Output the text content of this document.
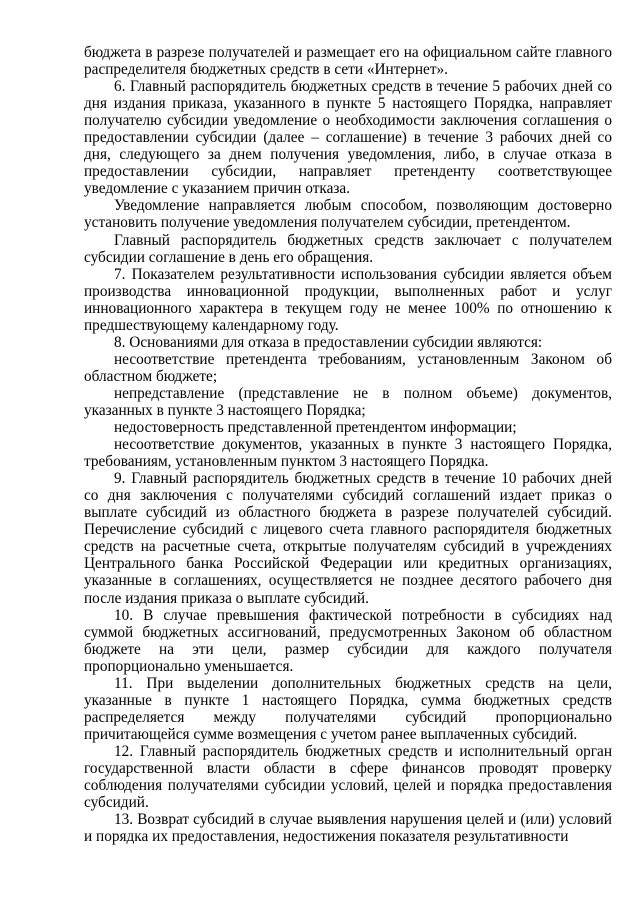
бюджета в разрезе получателей и размещает его на официальном сайте главного распределителя бюджетных средств в сети «Интернет».

6. Главный распорядитель бюджетных средств в течение 5 рабочих дней со дня издания приказа, указанного в пункте 5 настоящего Порядка, направляет получателю субсидии уведомление о необходимости заключения соглашения о предоставлении субсидии (далее – соглашение) в течение 3 рабочих дней со дня, следующего за днем получения уведомления, либо, в случае отказа в предоставлении субсидии, направляет претенденту соответствующее уведомление с указанием причин отказа.

Уведомление направляется любым способом, позволяющим достоверно установить получение уведомления получателем субсидии, претендентом.

Главный распорядитель бюджетных средств заключает с получателем субсидии соглашение в день его обращения.

7. Показателем результативности использования субсидии является объем производства инновационной продукции, выполненных работ и услуг инновационного характера в текущем году не менее 100% по отношению к предшествующему календарному году.

8. Основаниями для отказа в предоставлении субсидии являются:

несоответствие претендента требованиям, установленным Законом об областном бюджете;

непредставление (представление не в полном объеме) документов, указанных в пункте 3 настоящего Порядка;

недостоверность представленной претендентом информации;

несоответствие документов, указанных в пункте 3 настоящего Порядка, требованиям, установленным пунктом 3 настоящего Порядка.

9. Главный распорядитель бюджетных средств в течение 10 рабочих дней со дня заключения с получателями субсидий соглашений издает приказ о выплате субсидий из областного бюджета в разрезе получателей субсидий. Перечисление субсидий с лицевого счета главного распорядителя бюджетных средств на расчетные счета, открытые получателям субсидий в учреждениях Центрального банка Российской Федерации или кредитных организациях, указанные в соглашениях, осуществляется не позднее десятого рабочего дня после издания приказа о выплате субсидий.

10. В случае превышения фактической потребности в субсидиях над суммой бюджетных ассигнований, предусмотренных Законом об областном бюджете на эти цели, размер субсидии для каждого получателя пропорционально уменьшается.

11. При выделении дополнительных бюджетных средств на цели, указанные в пункте 1 настоящего Порядка, сумма бюджетных средств распределяется между получателями субсидий пропорционально причитающейся сумме возмещения с учетом ранее выплаченных субсидий.

12. Главный распорядитель бюджетных средств и исполнительный орган государственной власти области в сфере финансов проводят проверку соблюдения получателями субсидии условий, целей и порядка предоставления субсидий.

13. Возврат субсидий в случае выявления нарушения целей и (или) условий и порядка их предоставления, недостижения показателя результативности
